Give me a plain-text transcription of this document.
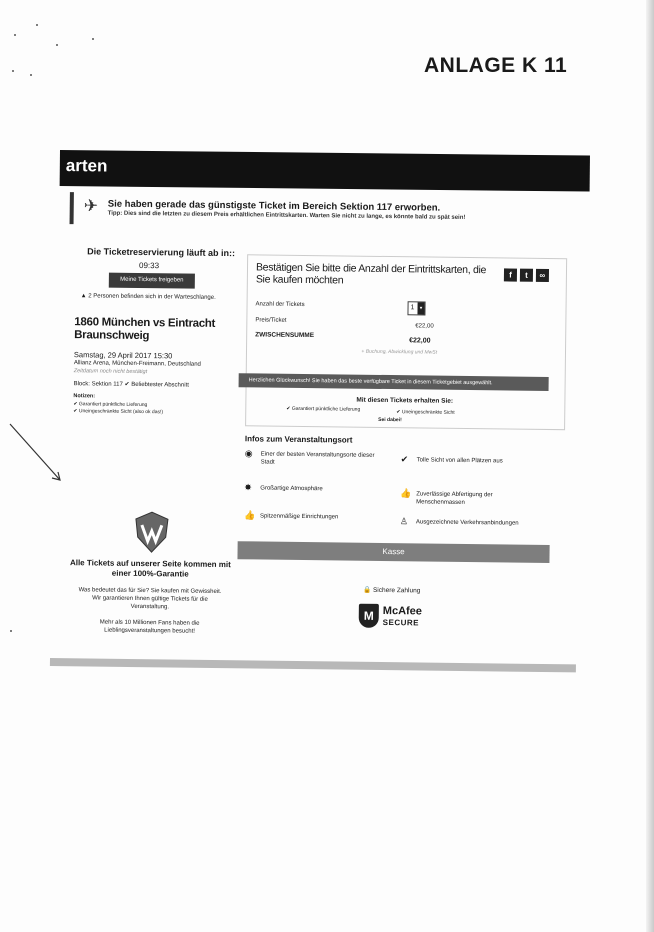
ANLAGE K 11
arten
✈ Sie haben gerade das günstigste Ticket im Bereich Sektion 117 erworben.
Tipp: Dies sind die letzten zu diesem Preis erhältlichen Eintrittskarten. Warten Sie nicht zu lange, es könnte bald zu spät sein!
Die Ticketreservierung läuft ab in::
09:33
Meine Tickets freigeben
▲ 2 Personen befinden sich in der Warteschlange.
1860 München vs Eintracht Braunschweig
Samstag, 29 April 2017 15:30
Allianz Arena, München-Freimann, Deutschland
Zeitdatum noch nicht bestätigt
Block: Sektion 117 ✔ Beliebtester Abschnitt
Notizen:
✔ Garantiert pünktliche Lieferung
✔ Uneingeschränkte Sicht (also ok das!)
Alle Tickets auf unserer Seite kommen mit einer 100%-Garantie
Was bedeutet das für Sie? Sie kaufen mit Gewissheit. Wir garantieren Ihnen gültige Tickets für die Veranstaltung.
Mehr als 10 Millionen Fans haben die Lieblingsveranstaltungen besucht!
Bestätigen Sie bitte die Anzahl der Eintrittskarten, die Sie kaufen möchten	f	t	∞
Anzahl der Tickets	1	▾
Preis/Ticket
€22,00
ZWISCHENSUMME
€22,00
+ Buchung, Abwicklung und MwSt
Herzlichen Glückwunsch! Sie haben das beste verfügbare Ticket in diesem Ticketgebiet ausgewählt.
Mit diesen Tickets erhalten Sie:
✔ Garantiert pünktliche Lieferung	✔ Uneingeschränkte Sicht
Sei dabei!
Infos zum Veranstaltungsort
◉	Einer der besten Veranstaltungsorte dieser Stadt	✔	Tolle Sicht von allen Plätzen aus
✸	Großartige Atmosphäre	👍 Zuverlässige Abfertigung der Menschenmassen
👍 Spitzenmäßige Einrichtungen	♙	Ausgezeichnete Verkehrsanbindungen
Kasse
🔒 Sichere Zahlung
M McAfee
SECURE
